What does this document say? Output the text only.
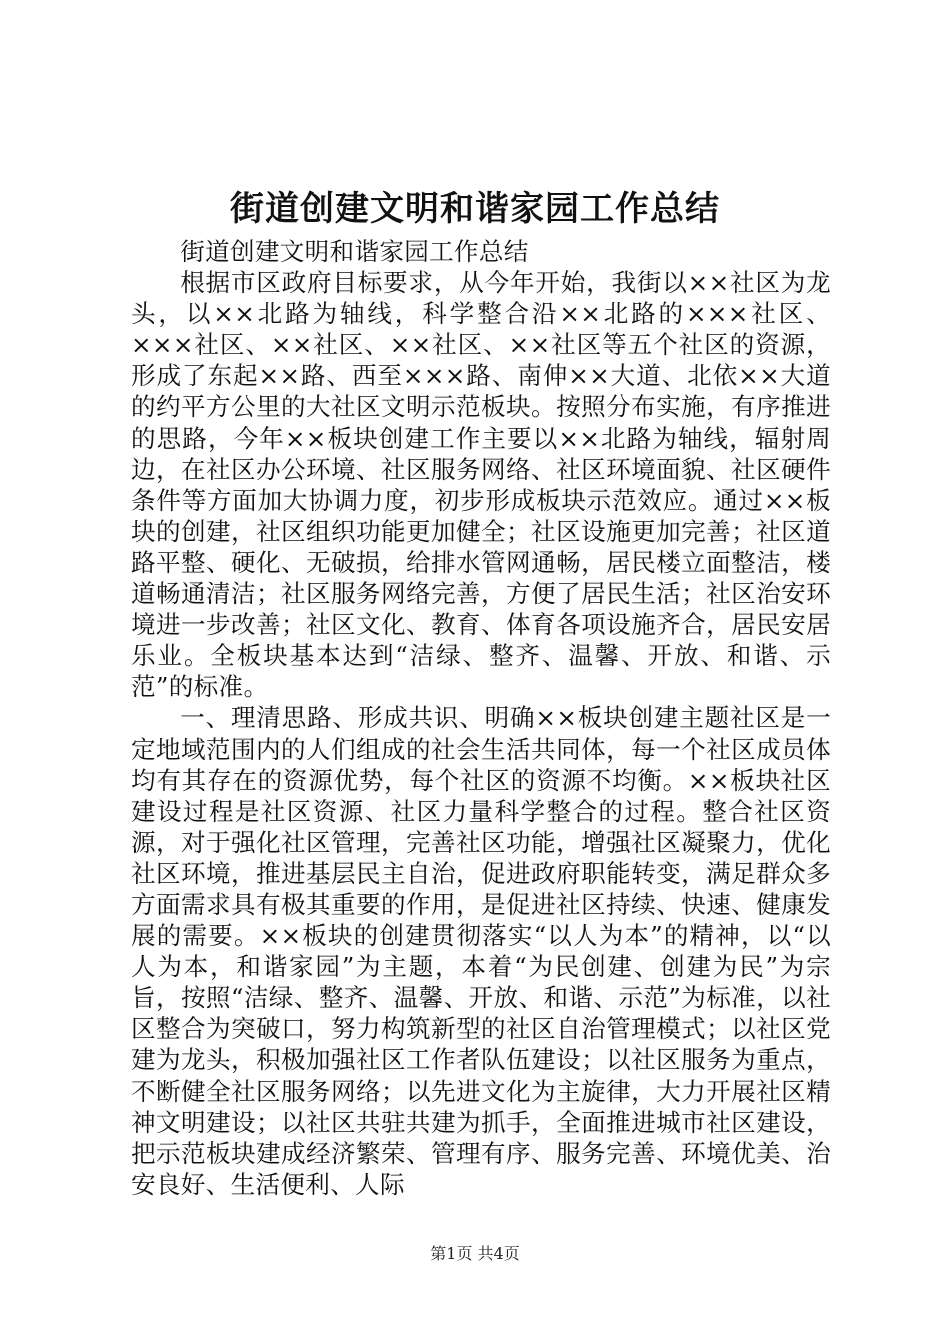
街道创建文明和谐家园工作总结

街道创建文明和谐家园工作总结

根据市区政府目标要求，从今年开始，我街以××社区为龙头，以××北路为轴线，科学整合沿××北路的×××社区、×××社区、××社区、××社区、××社区等五个社区的资源，形成了东起××路、西至×××路、南伸××大道、北依××大道的约平方公里的大社区文明示范板块。按照分布实施，有序推进的思路，今年××板块创建工作主要以××北路为轴线，辐射周边，在社区办公环境、社区服务网络、社区环境面貌、社区硬件条件等方面加大协调力度，初步形成板块示范效应。通过××板块的创建，社区组织功能更加健全；社区设施更加完善；社区道路平整、硬化、无破损，给排水管网通畅，居民楼立面整洁，楼道畅通清洁；社区服务网络完善，方便了居民生活；社区治安环境进一步改善；社区文化、教育、体育各项设施齐合，居民安居乐业。全板块基本达到“洁绿、整齐、温馨、开放、和谐、示范”的标准。

一、理清思路、形成共识、明确××板块创建主题社区是一定地域范围内的人们组成的社会生活共同体，每一个社区成员体均有其存在的资源优势，每个社区的资源不均衡。××板块社区建设过程是社区资源、社区力量科学整合的过程。整合社区资源，对于强化社区管理，完善社区功能，增强社区凝聚力，优化社区环境，推进基层民主自治，促进政府职能转变，满足群众多方面需求具有极其重要的作用，是促进社区持续、快速、健康发展的需要。××板块的创建贯彻落实“以人为本”的精神，以“以人为本，和谐家园”为主题，本着“为民创建、创建为民”为宗旨，按照“洁绿、整齐、温馨、开放、和谐、示范”为标准，以社区整合为突破口，努力构筑新型的社区自治管理模式；以社区党建为龙头，积极加强社区工作者队伍建设；以社区服务为重点，不断健全社区服务网络；以先进文化为主旋律，大力开展社区精神文明建设；以社区共驻共建为抓手，全面推进城市社区建设，把示范板块建成经济繁荣、管理有序、服务完善、环境优美、治安良好、生活便利、人际

第1页 共4页
